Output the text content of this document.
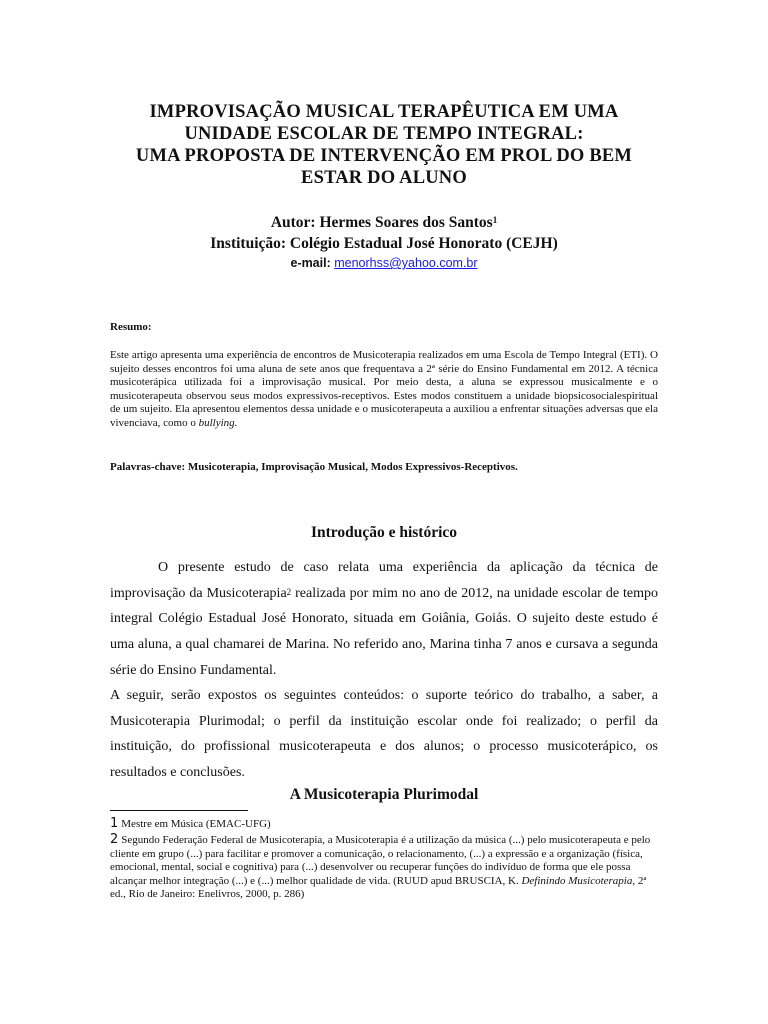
IMPROVISAÇÃO MUSICAL TERAPÊUTICA EM UMA
UNIDADE ESCOLAR DE TEMPO INTEGRAL:
UMA PROPOSTA DE INTERVENÇÃO EM PROL DO BEM
ESTAR DO ALUNO
Autor: Hermes Soares dos Santos$^1$
Instituição: Colégio Estadual José Honorato (CEJH)
e-mail: menorhss@yahoo.com.br
Resumo:
Este artigo apresenta uma experiência de encontros de Musicoterapia realizados em uma Escola de Tempo Integral (ETI). O sujeito desses encontros foi uma aluna de sete anos que frequentava a 2ª série do Ensino Fundamental em 2012. A técnica musicoterápica utilizada foi a improvisação musical. Por meio desta, a aluna se expressou musicalmente e o musicoterapeuta observou seus modos expressivos-receptivos. Estes modos constituem a unidade biopsicosocialespiritual de um sujeito. Ela apresentou elementos dessa unidade e o musicoterapeuta a auxiliou a enfrentar situações adversas que ela vivenciava, como o bullying.
Palavras-chave: Musicoterapia, Improvisação Musical, Modos Expressivos-Receptivos.
Introdução e histórico
O presente estudo de caso relata uma experiência da aplicação da técnica de improvisação da Musicoterapia$^2$ realizada por mim no ano de 2012, na unidade escolar de tempo integral Colégio Estadual José Honorato, situada em Goiânia, Goiás. O sujeito deste estudo é uma aluna, a qual chamarei de Marina. No referido ano, Marina tinha 7 anos e cursava a segunda série do Ensino Fundamental.
A seguir, serão expostos os seguintes conteúdos: o suporte teórico do trabalho, a saber, a Musicoterapia Plurimodal; o perfil da instituição escolar onde foi realizado; o perfil da instituição, do profissional musicoterapeuta e dos alunos; o processo musicoterápico, os resultados e conclusões.
A Musicoterapia Plurimodal

1 Mestre em Música (EMAC-UFG)

2 Segundo Federação Federal de Musicoterapia, a Musicoterapia é a utilização da música (...) pelo musicoterapeuta e pelo cliente em grupo (...) para facilitar e promover a comunicação, o relacionamento, (...) a expressão e a organização (física, emocional, mental, social e cognitiva) para (...) desenvolver ou recuperar funções do indivíduo de forma que ele possa alcançar melhor integração (...) e (...) melhor qualidade de vida. (RUUD apud BRUSCIA, K. Definindo Musicoterapia, 2ª ed., Rio de Janeiro: Enelivros, 2000, p. 286)
